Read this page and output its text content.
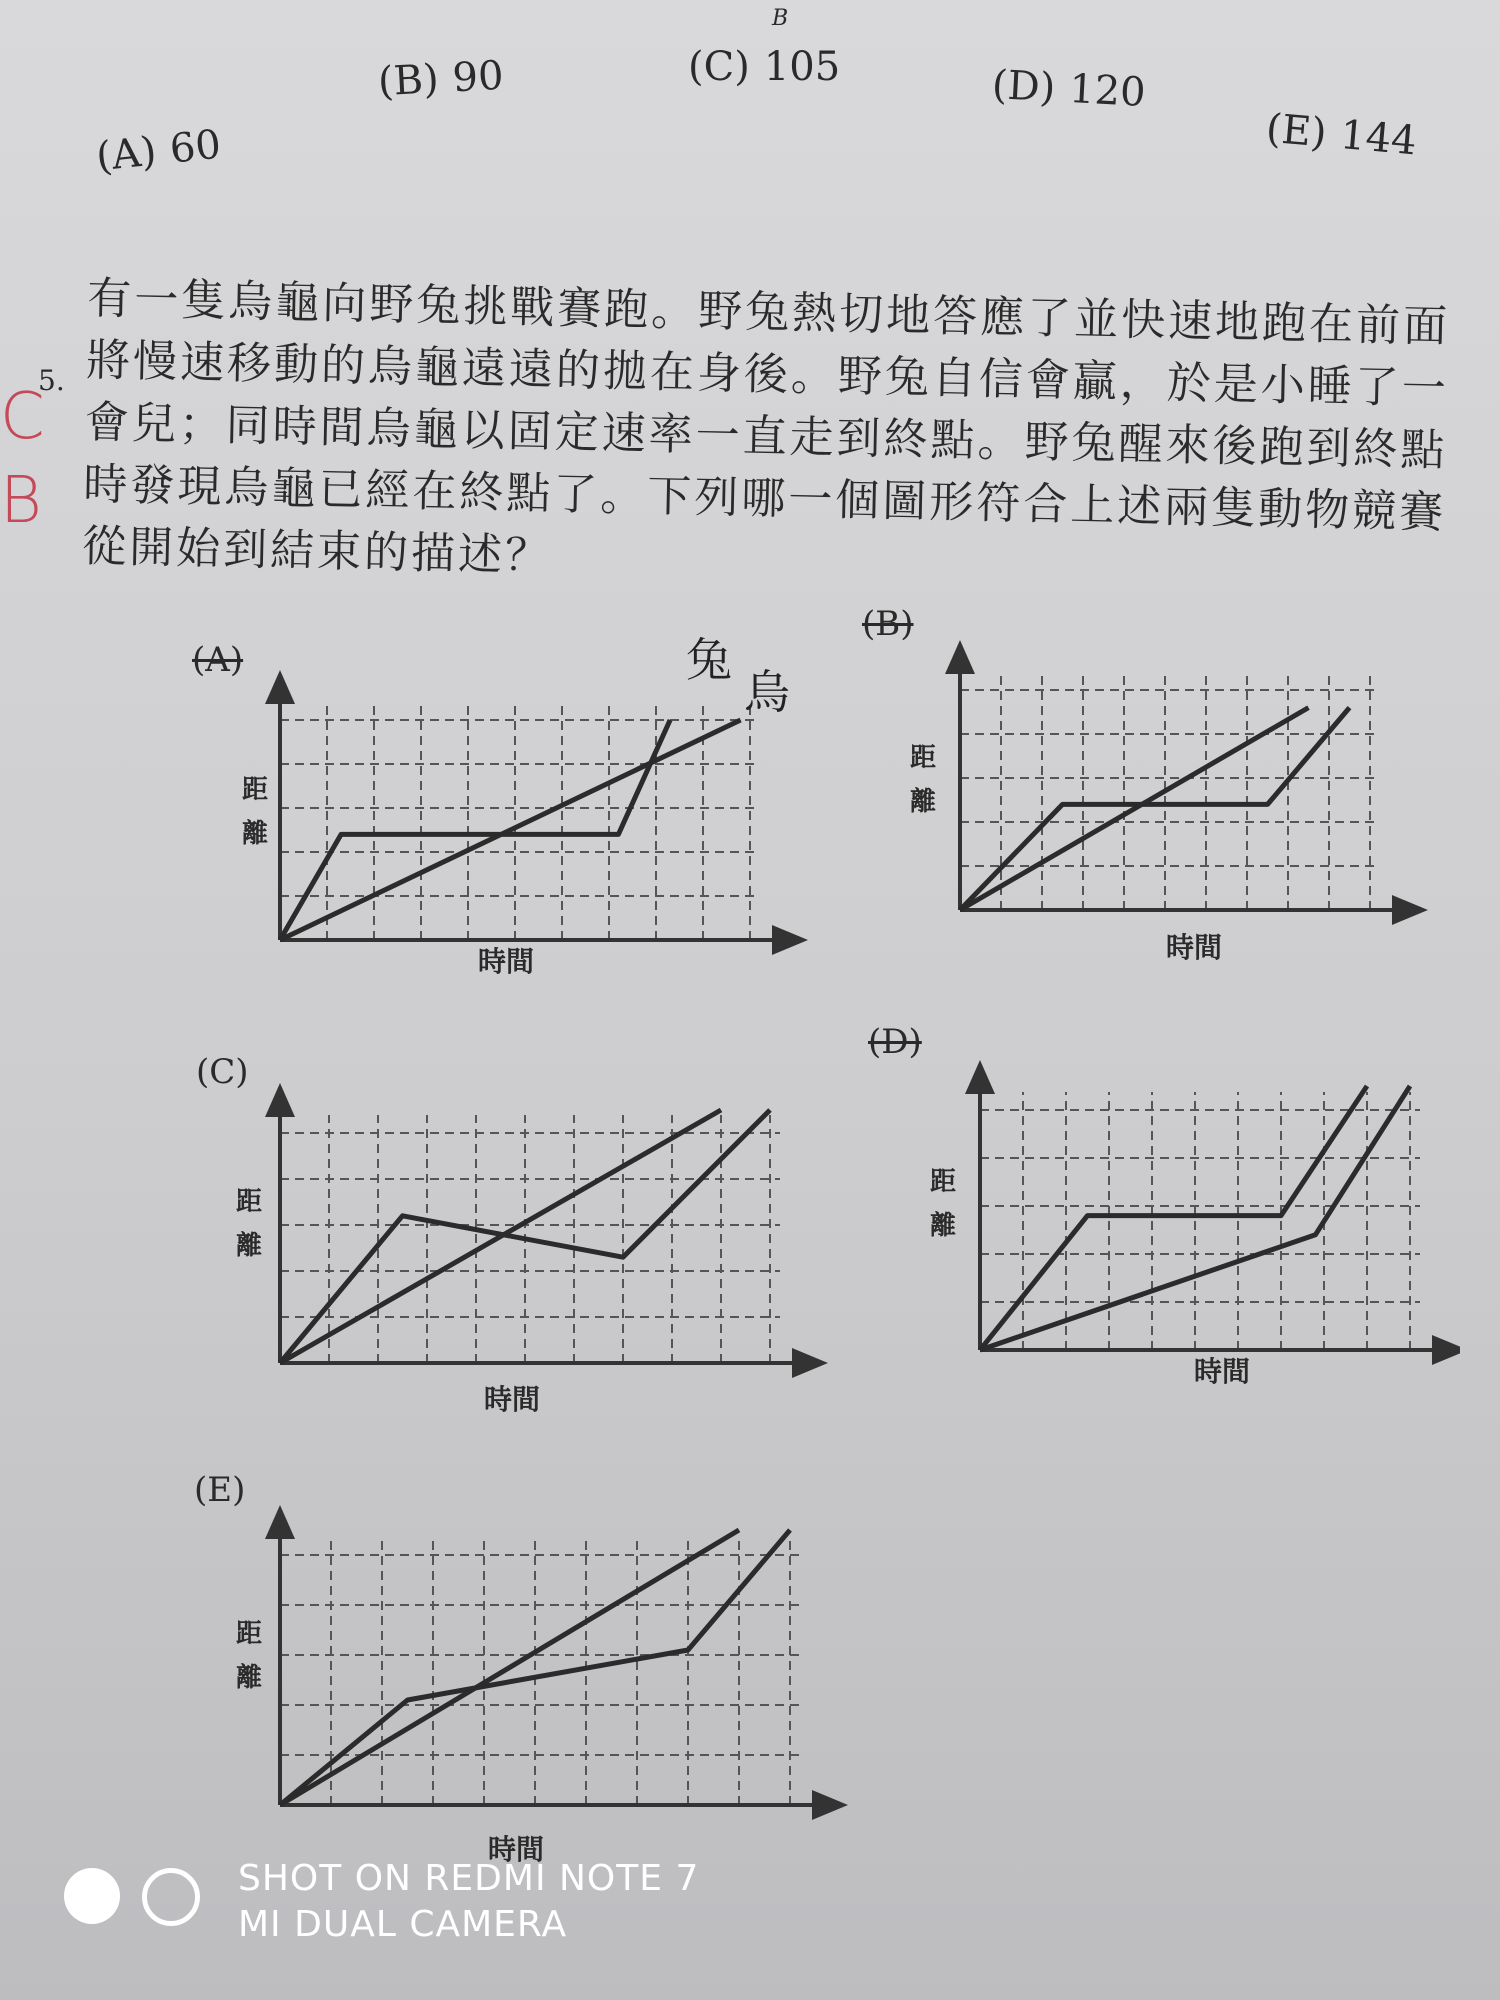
B
(A) 60
(B) 90	(C) 105	(D) 120
(E) 144
5.
有一隻烏龜向野兔挑戰賽跑。野兔熱切地答應了並快速地跑在前面
將慢速移動的烏龜遠遠的拋在身後。野兔自信會贏，於是小睡了一
會兒；同時間烏龜以固定速率一直走到終點。野兔醒來後跑到終點
時發現烏龜已經在終點了。下列哪一個圖形符合上述兩隻動物競賽
從開始到結束的描述？
C
B
(A)
距離
時間
兔
烏
(B)
距離
時間
(C)
距離
時間
(D)
距離
時間
(E)
距離
時間
SHOT ON REDMI NOTE 7
MI DUAL CAMERA
